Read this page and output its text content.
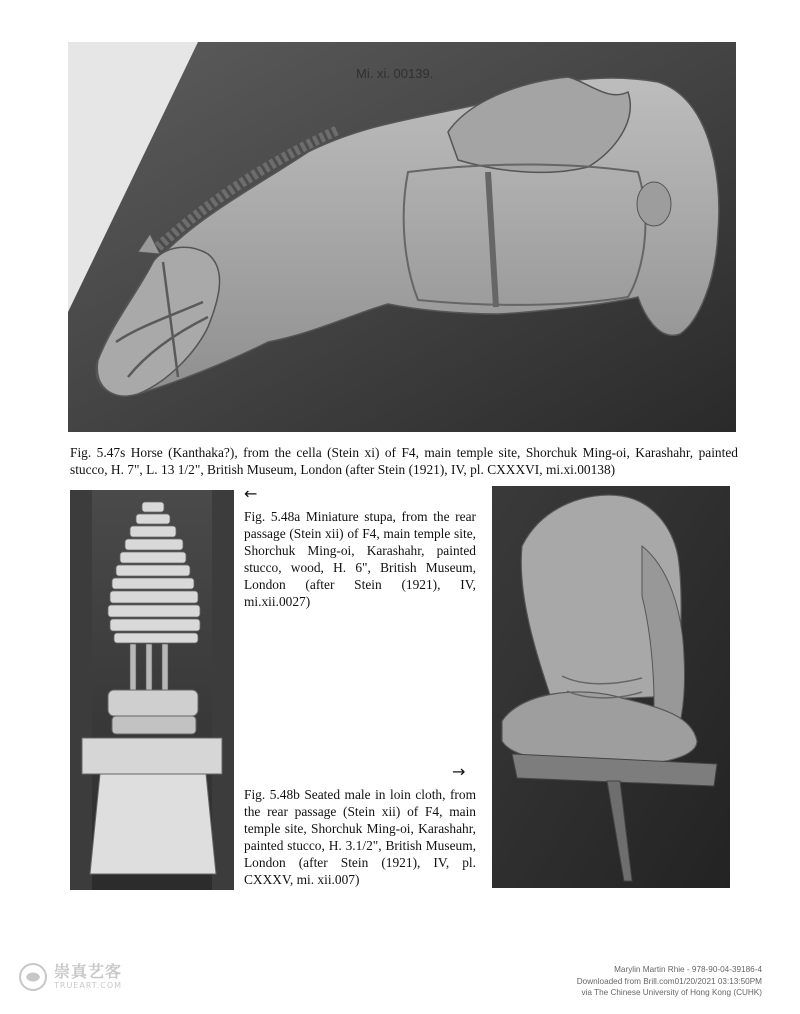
Mi. xi. 00139.
Fig. 5.47s Horse (Kanthaka?), from the cella (Stein xi) of F4, main temple site, Shorchuk Ming-oi, Karashahr, painted stucco, H. 7", L. 13 1/2", British Museum, London (after Stein (1921), IV, pl. CXXXVI, mi.xi.00138)
←
Fig. 5.48a Miniature stupa, from the rear passage (Stein xii) of F4, main temple site, Shorchuk Ming-oi, Karashahr, painted stucco, wood, H. 6", British Museum, London (after Stein (1921), IV, mi.xii.0027)
→
Fig. 5.48b Seated male in loin cloth, from the rear passage (Stein xii) of F4, main temple site, Shorchuk Ming-oi, Karashahr, painted stucco, H. 3.1/2", British Museum, London (after Stein (1921), IV, pl. CXXXV, mi. xii.007)
崇真艺客
TRUEART.COM
Marylin Martin Rhie - 978-90-04-39186-4
Downloaded from Brill.com01/20/2021 03:13:50PM
via The Chinese University of Hong Kong (CUHK)
